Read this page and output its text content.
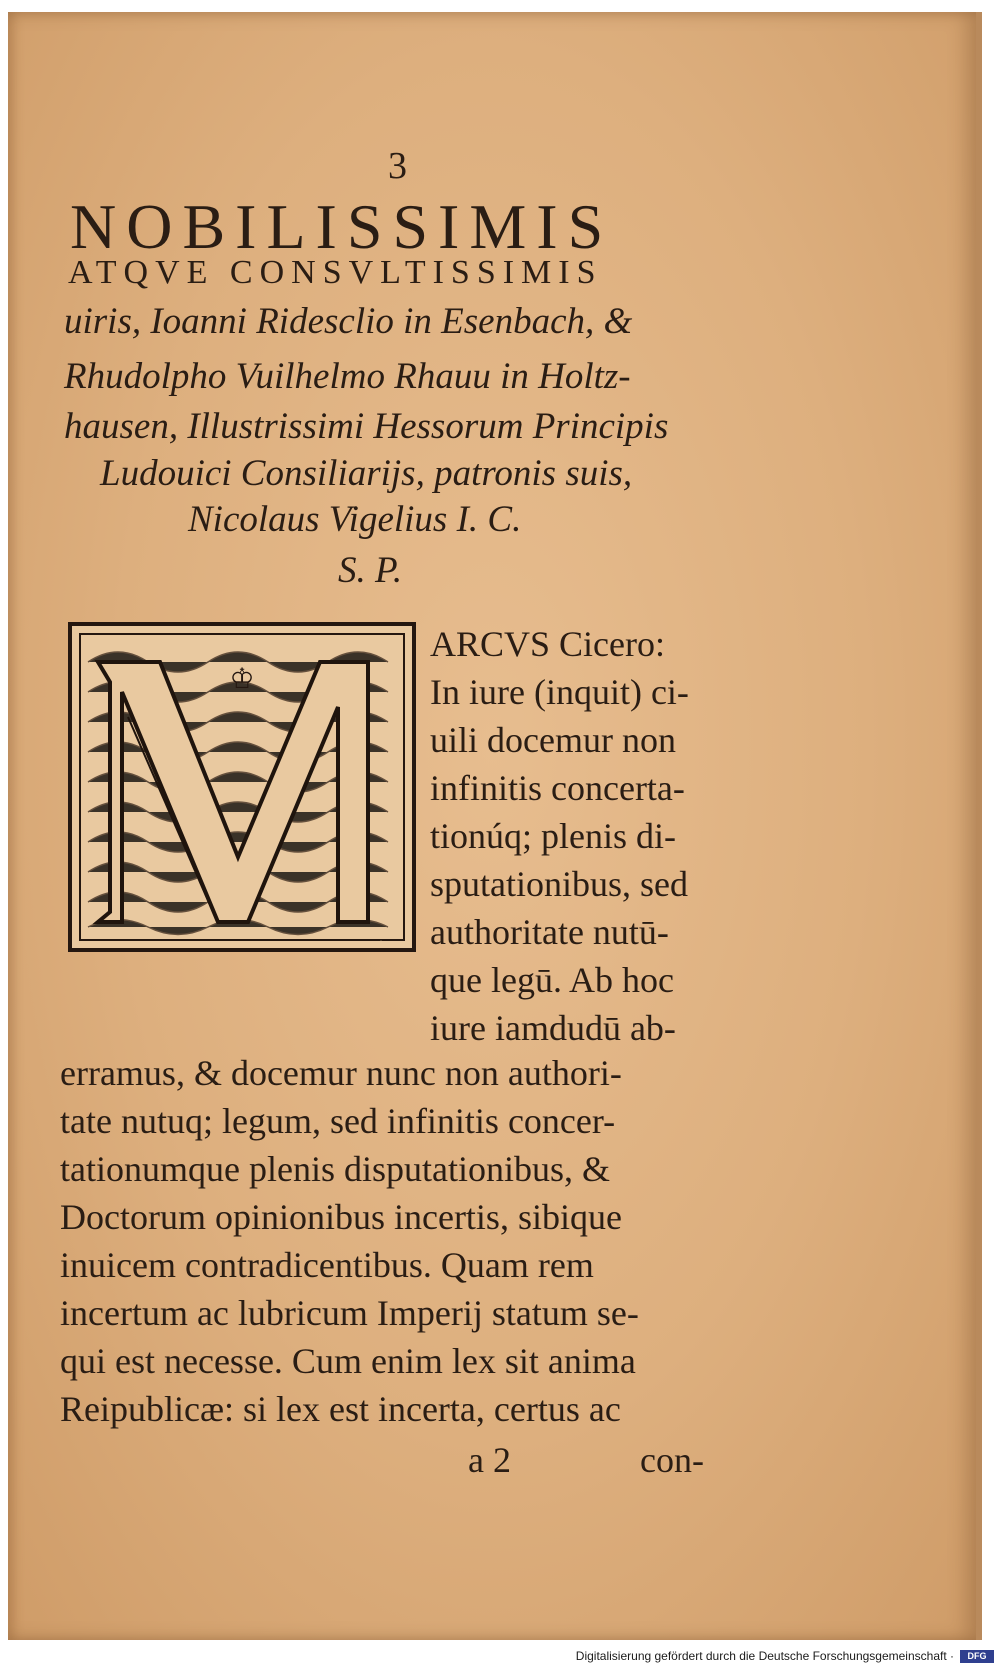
3
NOBILISSIMIS
ATQVE CONSVLTISSIMIS
uiris, Ioanni Ridesclio in Esenbach, &
Rhudolpho Vuilhelmo Rhauu in Holtz-
hausen, Illustrissimi Hessorum Principis
Ludouici Consiliarijs, patronis suis,
Nicolaus Vigelius I. C.
S. P.
♔
M
ARCVS Cicero:
In iure (inquit) ci-
uili docemur non
infinitis concerta-
tionúq; plenis di-
sputationibus, sed
authoritate nutū-
que legū. Ab hoc
iure iamdudū ab-
erramus, & docemur nunc non authori-
tate nutuq; legum, sed infinitis concer-
tationumque plenis disputationibus, &
Doctorum opinionibus incertis, sibique
inuicem contradicentibus. Quam rem
incertum ac lubricum Imperij statum se-
qui est necesse. Cum enim lex sit anima
Reipublicæ: si lex est incerta, certus ac
a 2	con-
Digitalisierung gefördert durch die Deutsche Forschungsgemeinschaft ·	DFG
